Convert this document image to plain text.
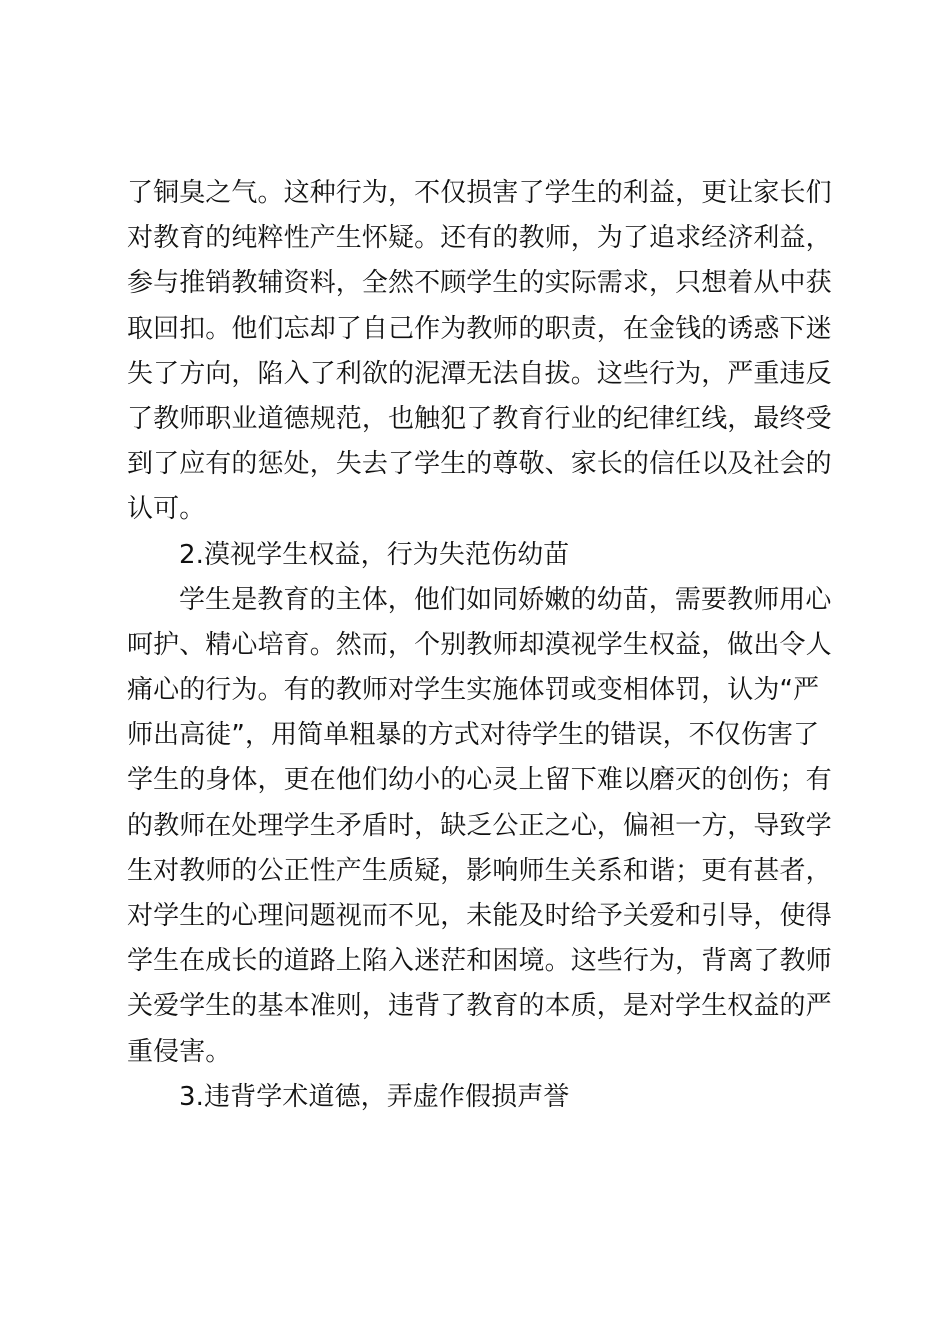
了铜臭之气。这种行为，不仅损害了学生的利益，更让家长们
对教育的纯粹性产生怀疑。还有的教师，为了追求经济利益，
参与推销教辅资料，全然不顾学生的实际需求，只想着从中获
取回扣。他们忘却了自己作为教师的职责，在金钱的诱惑下迷
失了方向，陷入了利欲的泥潭无法自拔。这些行为，严重违反
了教师职业道德规范，也触犯了教育行业的纪律红线，最终受
到了应有的惩处，失去了学生的尊敬、家长的信任以及社会的
认可。
2.漠视学生权益，行为失范伤幼苗
学生是教育的主体，他们如同娇嫩的幼苗，需要教师用心
呵护、精心培育。然而，个别教师却漠视学生权益，做出令人
痛心的行为。有的教师对学生实施体罚或变相体罚，认为“严
师出高徒”，用简单粗暴的方式对待学生的错误，不仅伤害了
学生的身体，更在他们幼小的心灵上留下难以磨灭的创伤；有
的教师在处理学生矛盾时，缺乏公正之心，偏袒一方，导致学
生对教师的公正性产生质疑，影响师生关系和谐；更有甚者，
对学生的心理问题视而不见，未能及时给予关爱和引导，使得
学生在成长的道路上陷入迷茫和困境。这些行为，背离了教师
关爱学生的基本准则，违背了教育的本质，是对学生权益的严
重侵害。
3.违背学术道德，弄虚作假损声誉
